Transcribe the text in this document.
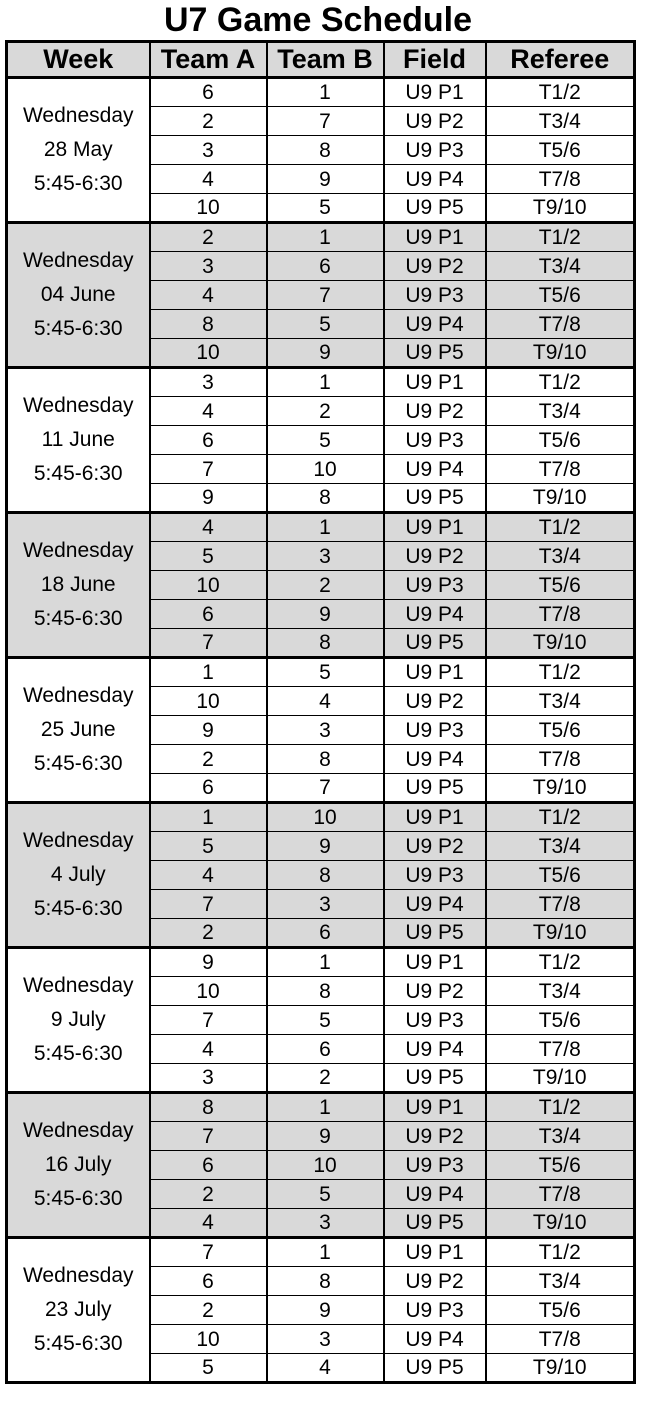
U7 Game Schedule
Week	Team A	Team B	Field	Referee

Wednesday
28 May
5:45-6:30	6	1	U9 P1	T1/2
	2	7	U9 P2	T3/4
	3	8	U9 P3	T5/6
	4	9	U9 P4	T7/8
	10	5	U9 P5	T9/10

Wednesday
04 June
5:45-6:30	2	1	U9 P1	T1/2
	3	6	U9 P2	T3/4
	4	7	U9 P3	T5/6
	8	5	U9 P4	T7/8
	10	9	U9 P5	T9/10

Wednesday
11 June
5:45-6:30	3	1	U9 P1	T1/2
	4	2	U9 P2	T3/4
	6	5	U9 P3	T5/6
	7	10	U9 P4	T7/8
	9	8	U9 P5	T9/10

Wednesday
18 June
5:45-6:30	4	1	U9 P1	T1/2
	5	3	U9 P2	T3/4
	10	2	U9 P3	T5/6
	6	9	U9 P4	T7/8
	7	8	U9 P5	T9/10

Wednesday
25 June
5:45-6:30	1	5	U9 P1	T1/2
	10	4	U9 P2	T3/4
	9	3	U9 P3	T5/6
	2	8	U9 P4	T7/8
	6	7	U9 P5	T9/10

Wednesday
4 July
5:45-6:30	1	10	U9 P1	T1/2
	5	9	U9 P2	T3/4
	4	8	U9 P3	T5/6
	7	3	U9 P4	T7/8
	2	6	U9 P5	T9/10

Wednesday
9 July
5:45-6:30	9	1	U9 P1	T1/2
	10	8	U9 P2	T3/4
	7	5	U9 P3	T5/6
	4	6	U9 P4	T7/8
	3	2	U9 P5	T9/10

Wednesday
16 July
5:45-6:30	8	1	U9 P1	T1/2
	7	9	U9 P2	T3/4
	6	10	U9 P3	T5/6
	2	5	U9 P4	T7/8
	4	3	U9 P5	T9/10

Wednesday
23 July
5:45-6:30	7	1	U9 P1	T1/2
	6	8	U9 P2	T3/4
	2	9	U9 P3	T5/6
	10	3	U9 P4	T7/8
	5	4	U9 P5	T9/10
